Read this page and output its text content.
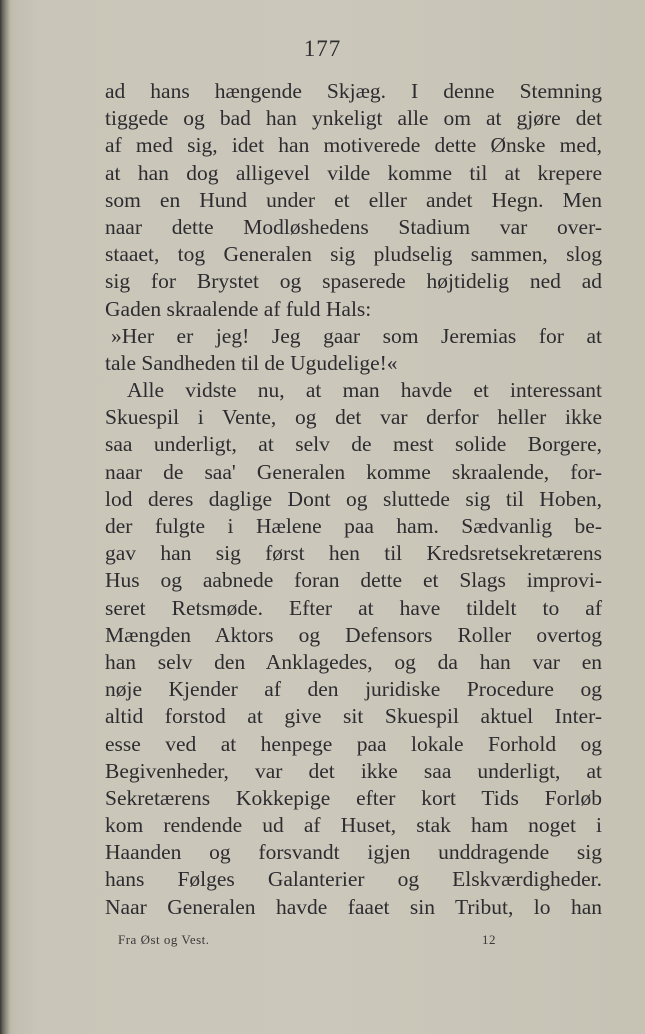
177
ad hans hængende Skjæg. I denne Stemning
tiggede og bad han ynkeligt alle om at gjøre det
af med sig, idet han motiverede dette Ønske med,
at han dog alligevel vilde komme til at krepere
som en Hund under et eller andet Hegn. Men
naar dette Modløshedens Stadium var over-
staaet, tog Generalen sig pludselig sammen, slog
sig for Brystet og spaserede højtidelig ned ad
Gaden skraalende af fuld Hals:
»Her er jeg! Jeg gaar som Jeremias for at
tale Sandheden til de Ugudelige!«
Alle vidste nu, at man havde et interessant
Skuespil i Vente, og det var derfor heller ikke
saa underligt, at selv de mest solide Borgere,
naar de saa' Generalen komme skraalende, for-
lod deres daglige Dont og sluttede sig til Hoben,
der fulgte i Hælene paa ham. Sædvanlig be-
gav han sig først hen til Kredsretsekretærens
Hus og aabnede foran dette et Slags improvi-
seret Retsmøde. Efter at have tildelt to af
Mængden Aktors og Defensors Roller overtog
han selv den Anklagedes, og da han var en
nøje Kjender af den juridiske Procedure og
altid forstod at give sit Skuespil aktuel Inter-
esse ved at henpege paa lokale Forhold og
Begivenheder, var det ikke saa underligt, at
Sekretærens Kokkepige efter kort Tids Forløb
kom rendende ud af Huset, stak ham noget i
Haanden og forsvandt igjen unddragende sig
hans Følges Galanterier og Elskværdigheder.
Naar Generalen havde faaet sin Tribut, lo han
Fra Øst og Vest.	12
